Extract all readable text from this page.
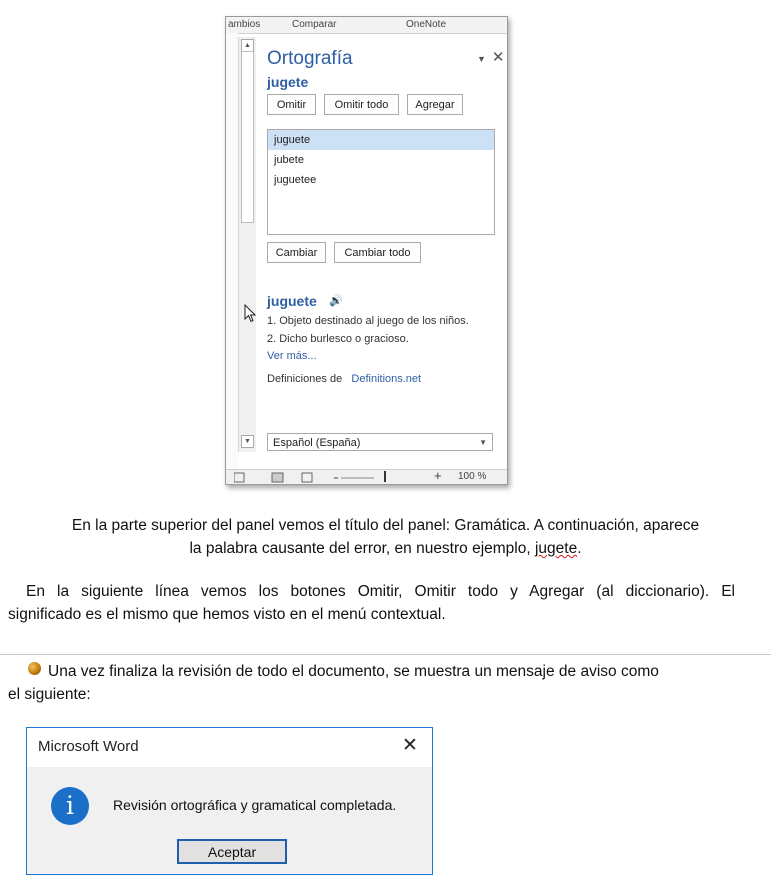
ambios	Comparar	OneNote
▲
▼
Ortografía	▼ ✕
jugete
Omitir	Omitir todo	Agregar
juguete
jubete
juguetee
Cambiar	Cambiar todo
juguete 🔊
1. Objeto destinado al juego de los niños.
2. Dicho burlesco o gracioso.
Ver más...
Definiciones de Definitions.net
Español (España)	▼
+ 100 %
En la parte superior del panel vemos el título del panel: Gramática. A continuación, aparece
la palabra causante del error, en nuestro ejemplo, jugete.
En la siguiente línea vemos los botones Omitir, Omitir todo y Agregar (al diccionario). El
significado es el mismo que hemos visto en el menú contextual.
Una vez finaliza la revisión de todo el documento, se muestra un mensaje de aviso como
el siguiente:
Microsoft Word	✕
i	Revisión ortográfica y gramatical completada.
Aceptar
